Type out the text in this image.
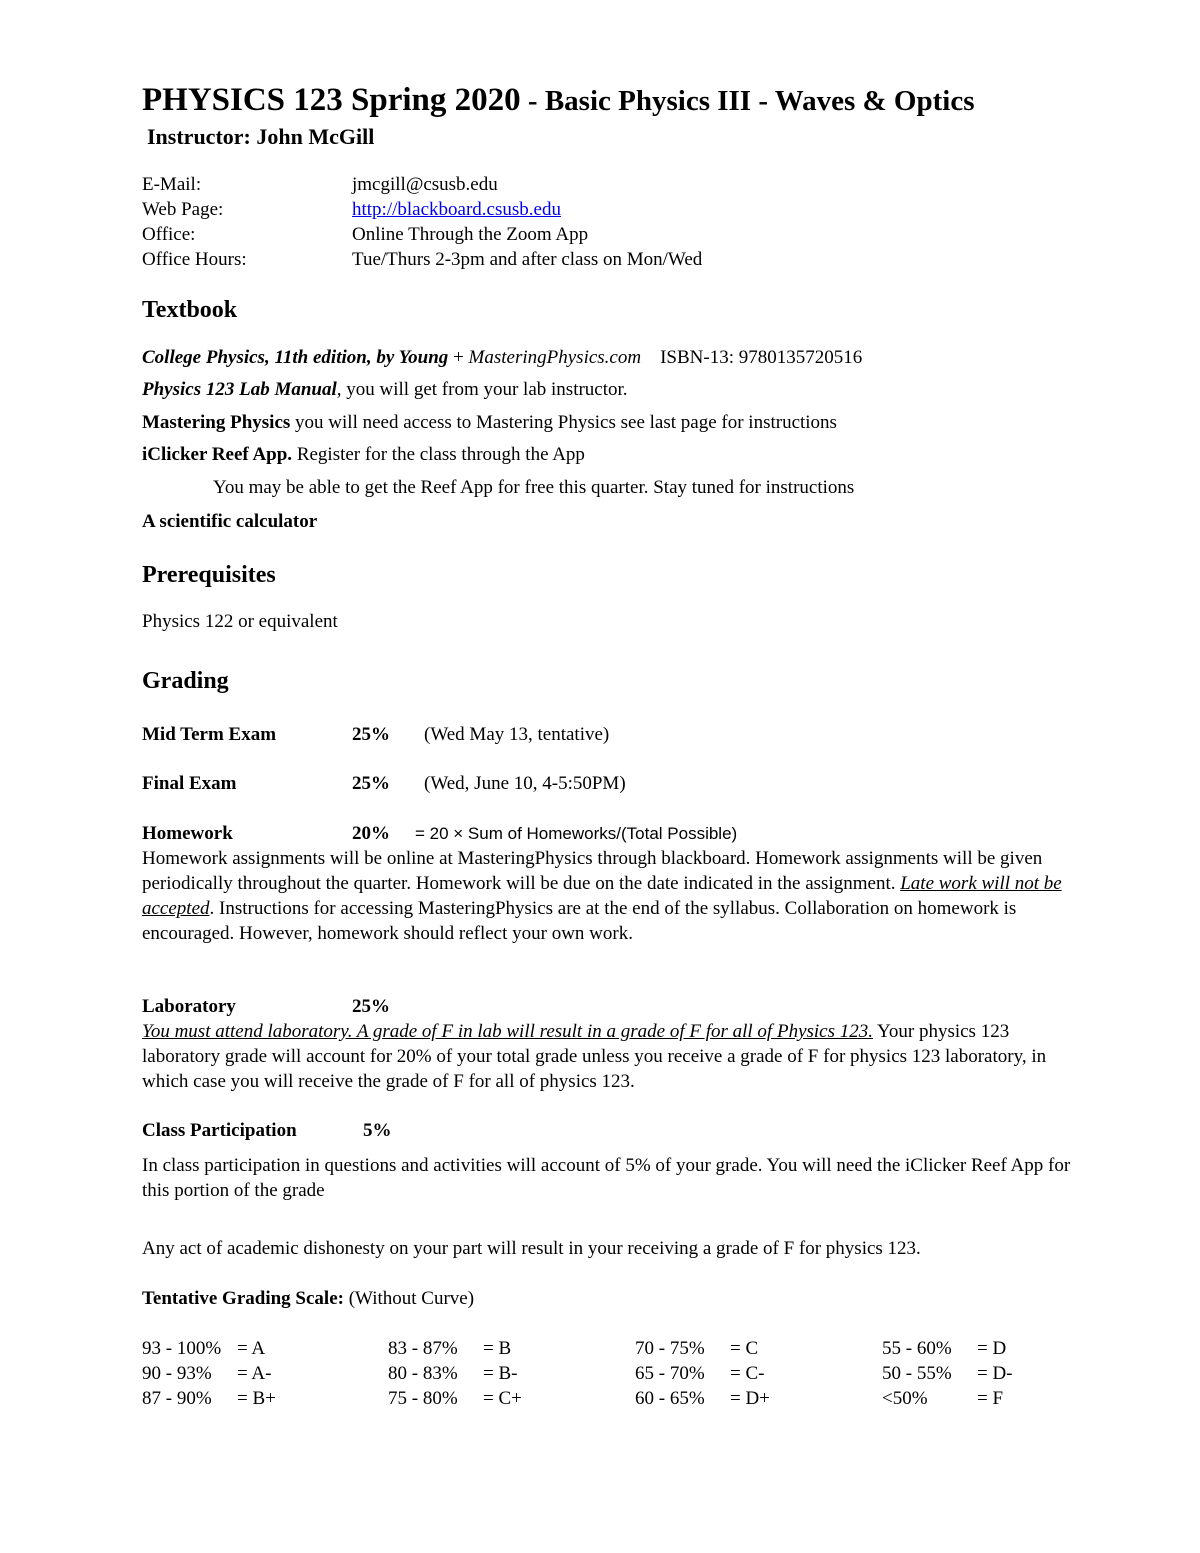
PHYSICS 123 Spring 2020 - Basic Physics III - Waves & Optics
Instructor: John McGill
E-Mail:	jmcgill@csusb.edu
Web Page:	http://blackboard.csusb.edu
Office:	Online Through the Zoom App
Office Hours:	Tue/Thurs 2-3pm and after class on Mon/Wed
Textbook
College Physics, 11th edition, by Young + MasteringPhysics.com ISBN-13: 9780135720516
Physics 123 Lab Manual, you will get from your lab instructor.
Mastering Physics you will need access to Mastering Physics see last page for instructions
iClicker Reef App. Register for the class through the App
You may be able to get the Reef App for free this quarter. Stay tuned for instructions
A scientific calculator
Prerequisites
Physics 122 or equivalent
Grading
Mid Term Exam	25% (Wed May 13, tentative)
Final Exam	25% (Wed, June 10, 4-5:50PM)
Homework	20% = 20 × Sum of Homeworks/(Total Possible)
Homework assignments will be online at MasteringPhysics through blackboard. Homework assignments will be given periodically throughout the quarter. Homework will be due on the date indicated in the assignment. Late work will not be accepted. Instructions for accessing MasteringPhysics are at the end of the syllabus. Collaboration on homework is encouraged. However, homework should reflect your own work.
Laboratory	25%
You must attend laboratory. A grade of F in lab will result in a grade of F for all of Physics 123. Your physics 123 laboratory grade will account for 20% of your total grade unless you receive a grade of F for physics 123 laboratory, in which case you will receive the grade of F for all of physics 123.
Class Participation	5%
In class participation in questions and activities will account of 5% of your grade. You will need the iClicker Reef App for this portion of the grade
Any act of academic dishonesty on your part will result in your receiving a grade of F for physics 123.
Tentative Grading Scale: (Without Curve)
93 - 100% = A
90 - 93% = A-
87 - 90% = B+
83 - 87% = B
80 - 83% = B-
75 - 80% = C+
70 - 75% = C
65 - 70% = C-
60 - 65% = D+
55 - 60% = D
50 - 55% = D-
<50%	= F
